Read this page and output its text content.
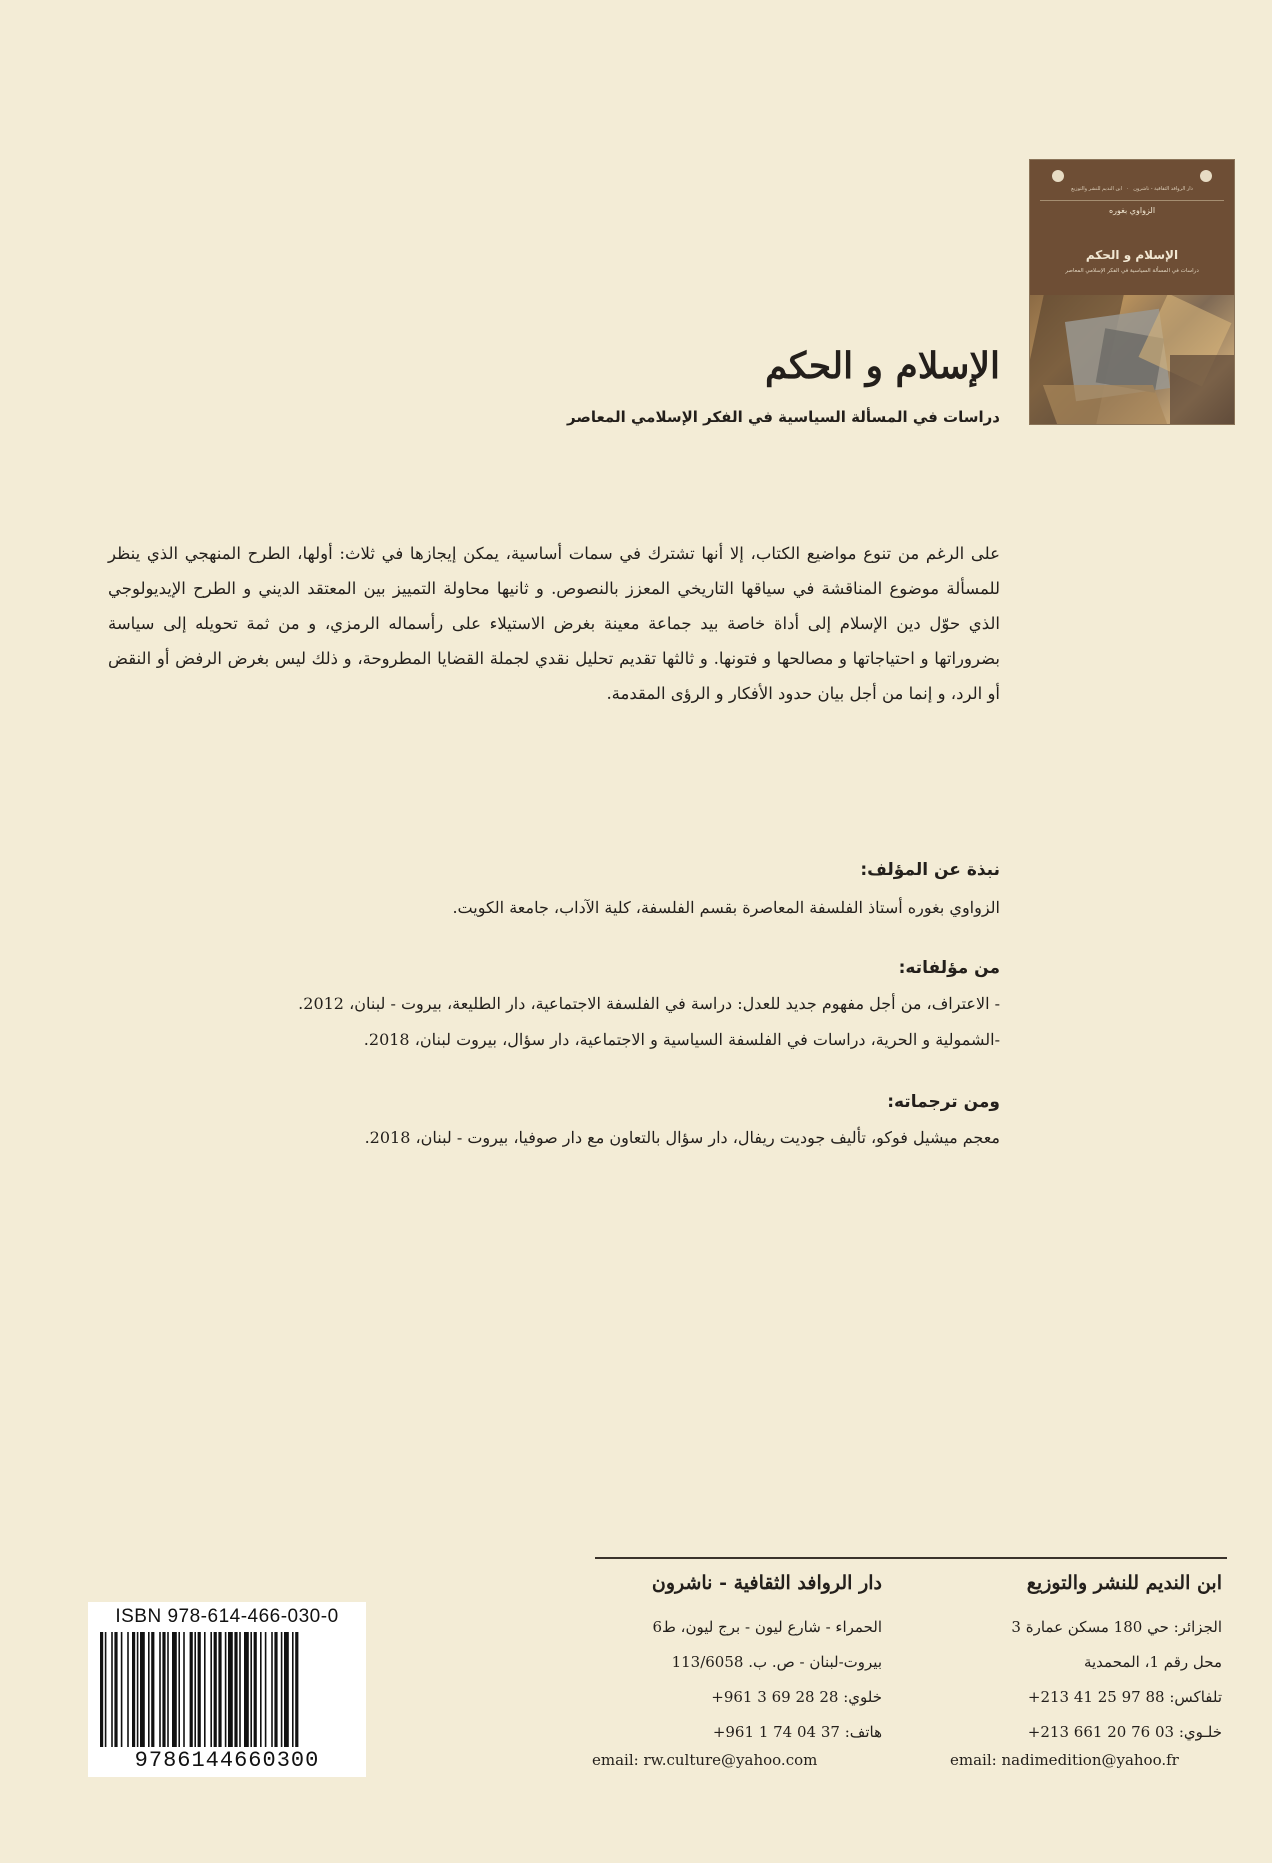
دار الروافد الثقافية - ناشرون   ·   ابن النديم للنشر والتوزيع
الزواوي بغوره
الإسلام و الحكم
دراسات في المسألة السياسية في الفكر الإسلامي المعاصر
الإسلام و الحكم
دراسات في المسألة السياسية في الفكر الإسلامي المعاصر
على الرغم من تنوع مواضيع الكتاب، إلا أنها تشترك في سمات أساسية، يمكن إيجازها في ثلاث: أولها، الطرح المنهجي الذي ينظر للمسألة موضوع المناقشة في سياقها التاريخي المعزز بالنصوص. و ثانيها محاولة التمييز بين المعتقد الديني و الطرح الإيديولوجي الذي حوّل دين الإسلام إلى أداة خاصة بيد جماعة معينة بغرض الاستيلاء على رأسماله الرمزي، و من ثمة تحويله إلى سياسة بضروراتها و احتياجاتها و مصالحها و فتونها. و ثالثها تقديم تحليل نقدي لجملة القضايا المطروحة، و ذلك ليس بغرض الرفض أو النقض أو الرد، و إنما من أجل بيان حدود الأفكار و الرؤى المقدمة.
نبذة عن المؤلف:
الزواوي بغوره أستاذ الفلسفة المعاصرة بقسم الفلسفة، كلية الآداب، جامعة الكويت.
من مؤلفاته:
- الاعتراف، من أجل مفهوم جديد للعدل: دراسة في الفلسفة الاجتماعية، دار الطليعة، بيروت - لبنان، 2012.
-الشمولية و الحرية، دراسات في الفلسفة السياسية و الاجتماعية، دار سؤال، بيروت لبنان، 2018.
ومن ترجماته:
معجم ميشيل فوكو، تأليف جوديت ريفال، دار سؤال بالتعاون مع دار صوفيا، بيروت - لبنان، 2018.
ابن النديم للنشر والتوزيع
الجزائر: حي 180 مسكن عمارة 3
محل رقم 1، المحمدية
تلفاكس: 88 97 25 41 213+
خلـوي: 03 76 20 661 213+
email: nadimedition@yahoo.fr
دار الروافد الثقافية - ناشرون
الحمراء - شارع ليون - برج ليون، ط6
بيروت-لبنان - ص. ب. 113/6058
خلوي: 28 28 69 3 961+
هاتف: 37 04 74 1 961+
email: rw.culture@yahoo.com
ISBN 978-614-466-030-0
9786144660300
